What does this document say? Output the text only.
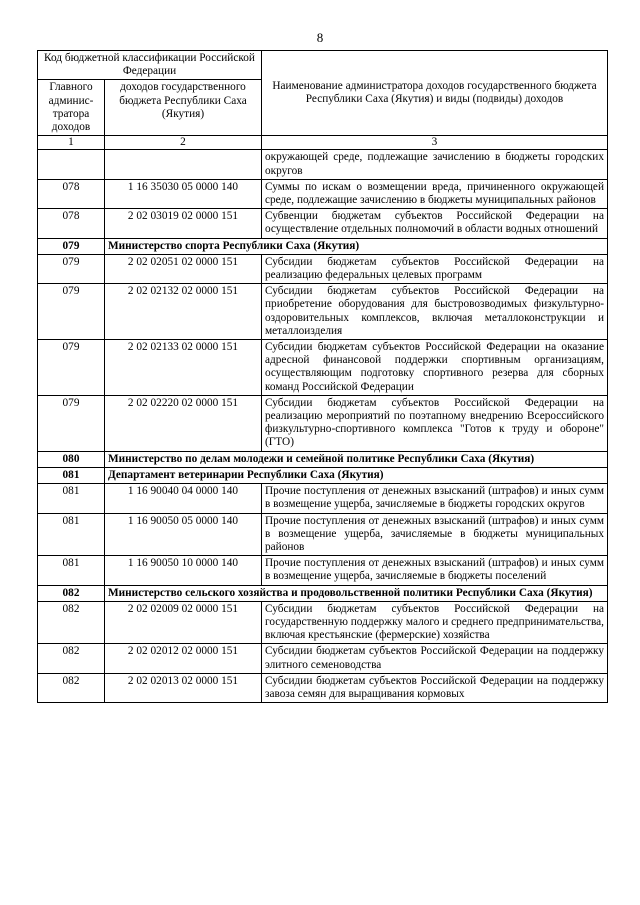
8
Код бюджетной классификации Российской Федерации		Наименование администратора доходов государственного бюджета Республики Саха (Якутия) и виды (подвиды) доходов
Главного админис-тратора доходов	доходов государственного бюджета Республики Саха (Якутия)	
1	2	3
		окружающей среде, подлежащие зачислению в бюджеты городских округов
078	1 16 35030 05 0000 140	Суммы по искам о возмещении вреда, причиненного окружающей среде, подлежащие зачислению в бюджеты муниципальных районов
078	2 02 03019 02 0000 151	Субвенции бюджетам субъектов Российской Федерации на осуществление отдельных полномочий в области водных отношений
079	Министерство спорта Республики Саха (Якутия)	
079	2 02 02051 02 0000 151	Субсидии бюджетам субъектов Российской Федерации на реализацию федеральных целевых программ
079	2 02 02132 02 0000 151	Субсидии бюджетам субъектов Российской Федерации на приобретение оборудования для быстровозводимых физкультурно-оздоровительных комплексов, включая металлоконструкции и металлоизделия
079	2 02 02133 02 0000 151	Субсидии бюджетам субъектов Российской Федерации на оказание адресной финансовой поддержки спортивным организациям, осуществляющим подготовку спортивного резерва для сборных команд Российской Федерации
079	2 02 02220 02 0000 151	Субсидии бюджетам субъектов Российской Федерации на реализацию мероприятий по поэтапному внедрению Всероссийского физкультурно-спортивного комплекса "Готов к труду и обороне" (ГТО)
080	Министерство по делам молодежи и семейной политике Республики Саха (Якутия)	
081	Департамент ветеринарии Республики Саха (Якутия)	
081	1 16 90040 04 0000 140	Прочие поступления от денежных взысканий (штрафов) и иных сумм в возмещение ущерба, зачисляемые в бюджеты городских округов
081	1 16 90050 05 0000 140	Прочие поступления от денежных взысканий (штрафов) и иных сумм в возмещение ущерба, зачисляемые в бюджеты муниципальных районов
081	1 16 90050 10 0000 140	Прочие поступления от денежных взысканий (штрафов) и иных сумм в возмещение ущерба, зачисляемые в бюджеты поселений
082	Министерство сельского хозяйства и продовольственной политики Республики Саха (Якутия)	
082	2 02 02009 02 0000 151	Субсидии бюджетам субъектов Российской Федерации на государственную поддержку малого и среднего предпринимательства, включая крестьянские (фермерские) хозяйства
082	2 02 02012 02 0000 151	Субсидии бюджетам субъектов Российской Федерации на поддержку элитного семеноводства
082	2 02 02013 02 0000 151	Субсидии бюджетам субъектов Российской Федерации на поддержку завоза семян для выращивания кормовых
